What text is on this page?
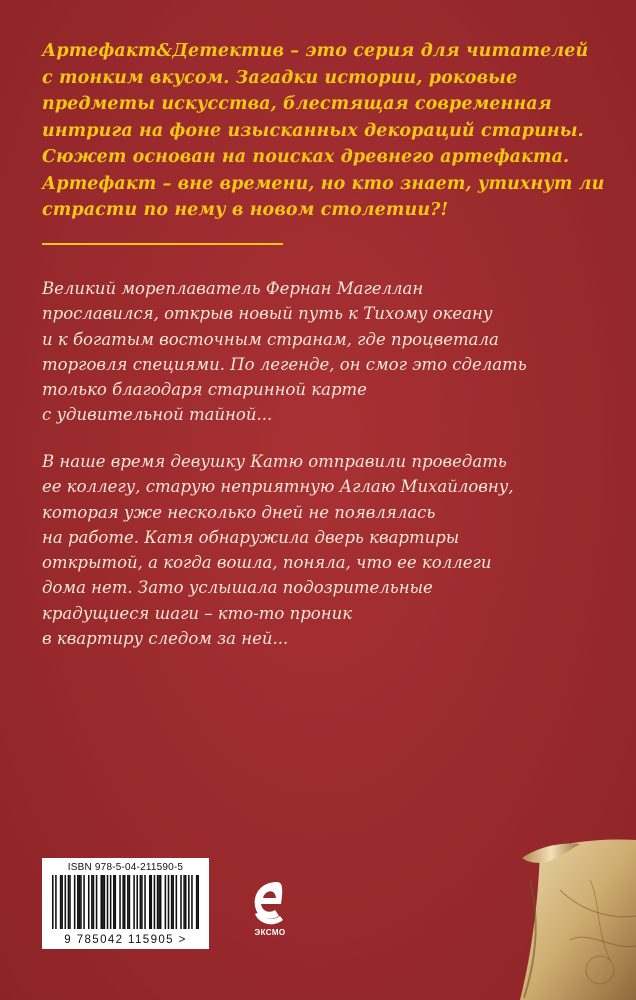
Артефакт&Детектив – это серия для читателей
с тонким вкусом. Загадки истории, роковые
предметы искусства, блестящая современная
интрига на фоне изысканных декораций старины.
Сюжет основан на поисках древнего артефакта.
Артефакт – вне времени, но кто знает, утихнут ли
страсти по нему в новом столетии?!
Великий мореплаватель Фернан Магеллан
прославился, открыв новый путь к Тихому океану
и к богатым восточным странам, где процветала
торговля специями. По легенде, он смог это сделать
только благодаря старинной карте
с удивительной тайной...
В наше время девушку Катю отправили проведать
ее коллегу, старую неприятную Аглаю Михайловну,
которая уже несколько дней не появлялась
на работе. Катя обнаружила дверь квартиры
открытой, а когда вошла, поняла, что ее коллеги
дома нет. Зато услышала подозрительные
крадущиеся шаги – кто-то проник
в квартиру следом за ней...
ISBN 978-5-04-211590-5
9 785042 115905 >
ЭКСМО
